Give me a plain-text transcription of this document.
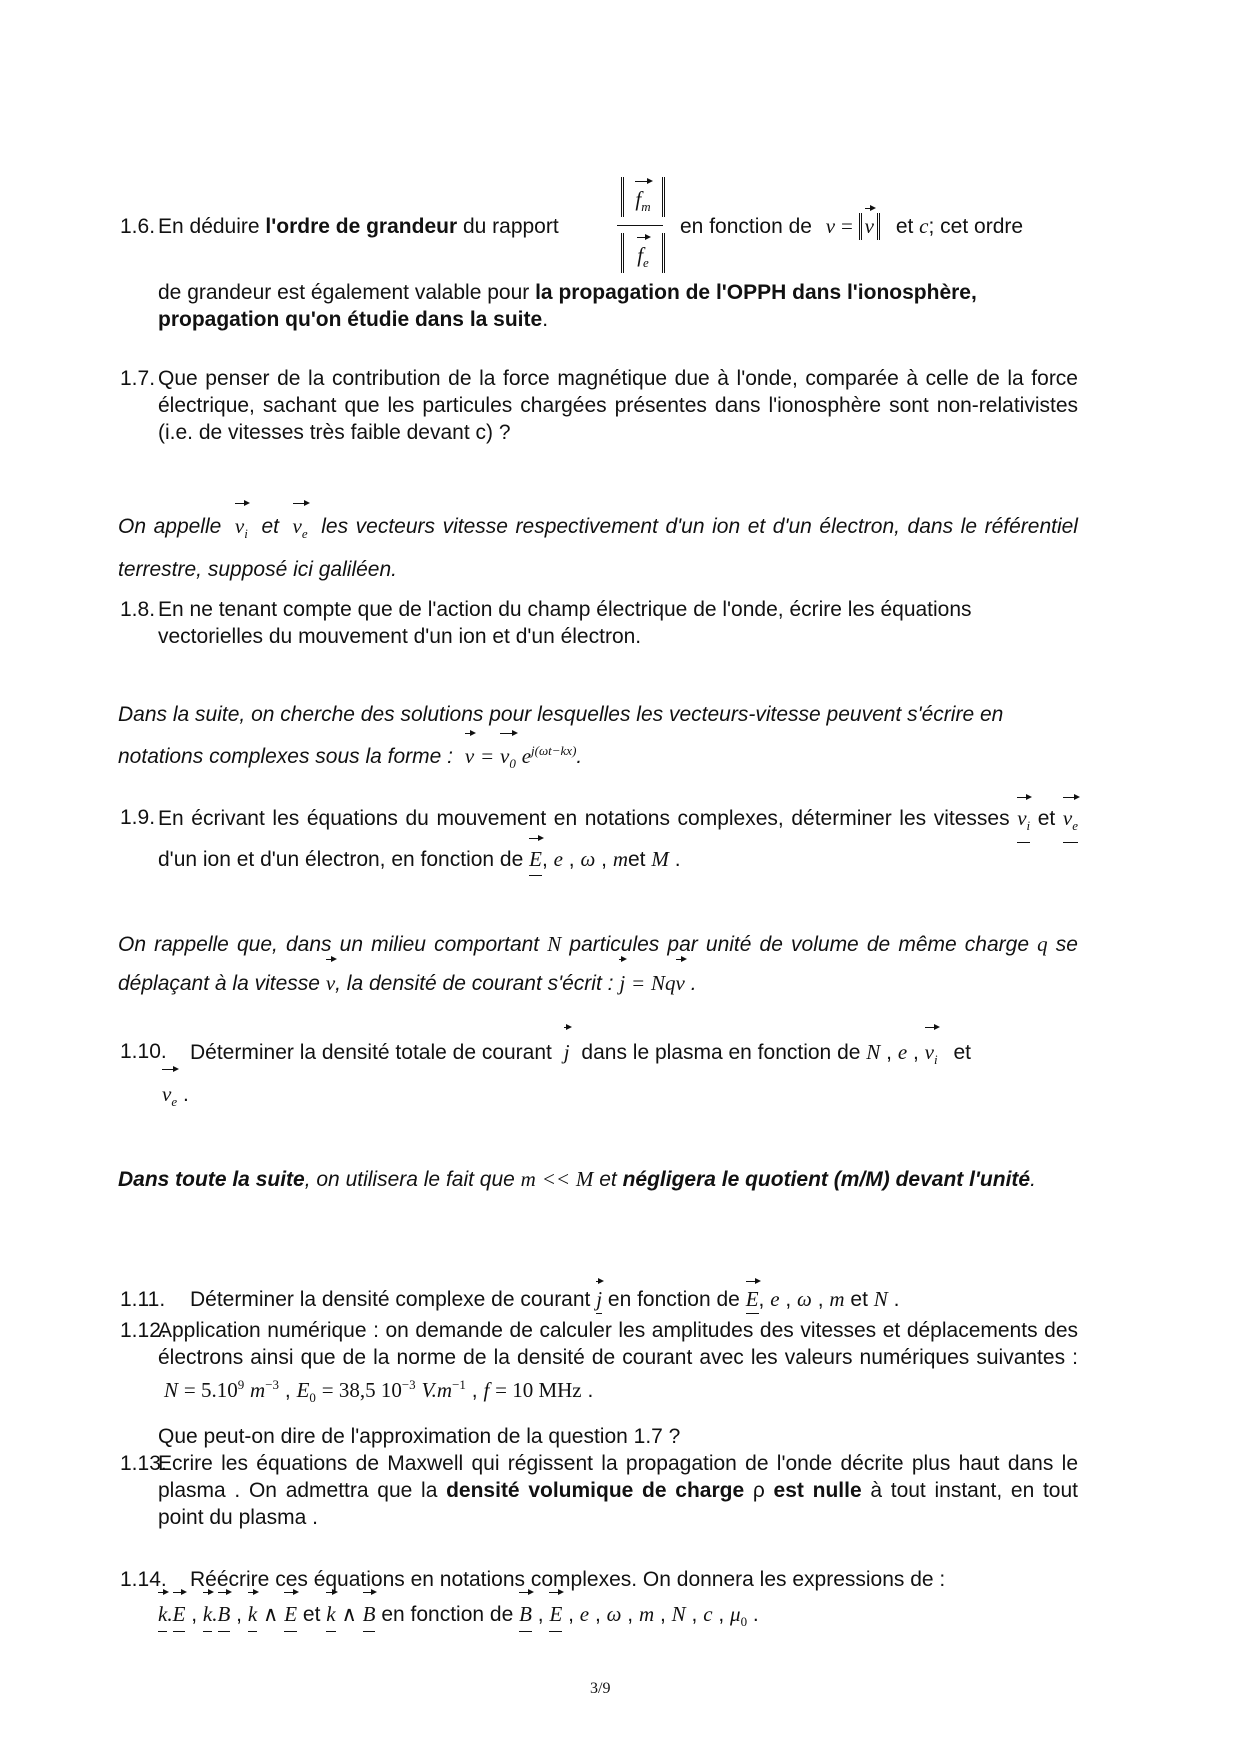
1.6. En déduire l'ordre de grandeur du rapport
$f_m$
$f_e$
en fonction de v = v et c; cet ordre
de grandeur est également valable pour la propagation de l'OPPH dans l'ionosphère, propagation qu'on étudie dans la suite.
1.7. Que penser de la contribution de la force magnétique due à l'onde, comparée à celle de la force électrique, sachant que les particules chargées présentes dans l'ionosphère sont non-relativistes (i.e. de vitesses très faible devant c) ?
On appelle $v_i$ et $v_e$ les vecteurs vitesse respectivement d'un ion et d'un électron, dans le référentiel terrestre, supposé ici galiléen.
1.8. En ne tenant compte que de l'action du champ électrique de l'onde, écrire les équations vectorielles du mouvement d'un ion et d'un électron.
Dans la suite, on cherche des solutions pour lesquelles les vecteurs-vitesse peuvent s'écrire en notations complexes sous la forme : $v = v_0$ $e^{j(\omega t-kx)}$.
1.9. En écrivant les équations du mouvement en notations complexes, déterminer les vitesses $v_i$ et $v_e$ d'un ion et d'un électron, en fonction de E, e , ω , met M .
On rappelle que, dans un milieu comportant N particules par unité de volume de même charge q se déplaçant à la vitesse v, la densité de courant s'écrit : j = Nqv .
1.10. Déterminer la densité totale de courant j dans le plasma en fonction de N , e , $v_i$ et
$v_e$ .
Dans toute la suite, on utilisera le fait que m << M et négligera le quotient (m/M) devant l'unité.
1.11. Déterminer la densité complexe de courant j en fonction de E, e , ω , m et N .
1.12.
Application numérique : on demande de calculer les amplitudes des vitesses et déplacements des électrons ainsi que de la norme de la densité de courant avec les valeurs numériques suivantes : $N = 5.10^9$ $m^{-3}$ , $E_0 = 38,5$ $10^{-3}$ $V.m^{-1}$ , f = 10 MHz .
Que peut-on dire de l'approximation de la question 1.7 ?
1.13.
Ecrire les équations de Maxwell qui régissent la propagation de l'onde décrite plus haut dans le plasma . On admettra que la densité volumique de charge ρ est nulle à tout instant, en tout point du plasma .
1.14. Réécrire ces équations en notations complexes. On donnera les expressions de :
k.E , k.B , k ∧ E et k ∧ B en fonction de B , E , e , ω , m , N , c , $\mu_0$ .
3/9
